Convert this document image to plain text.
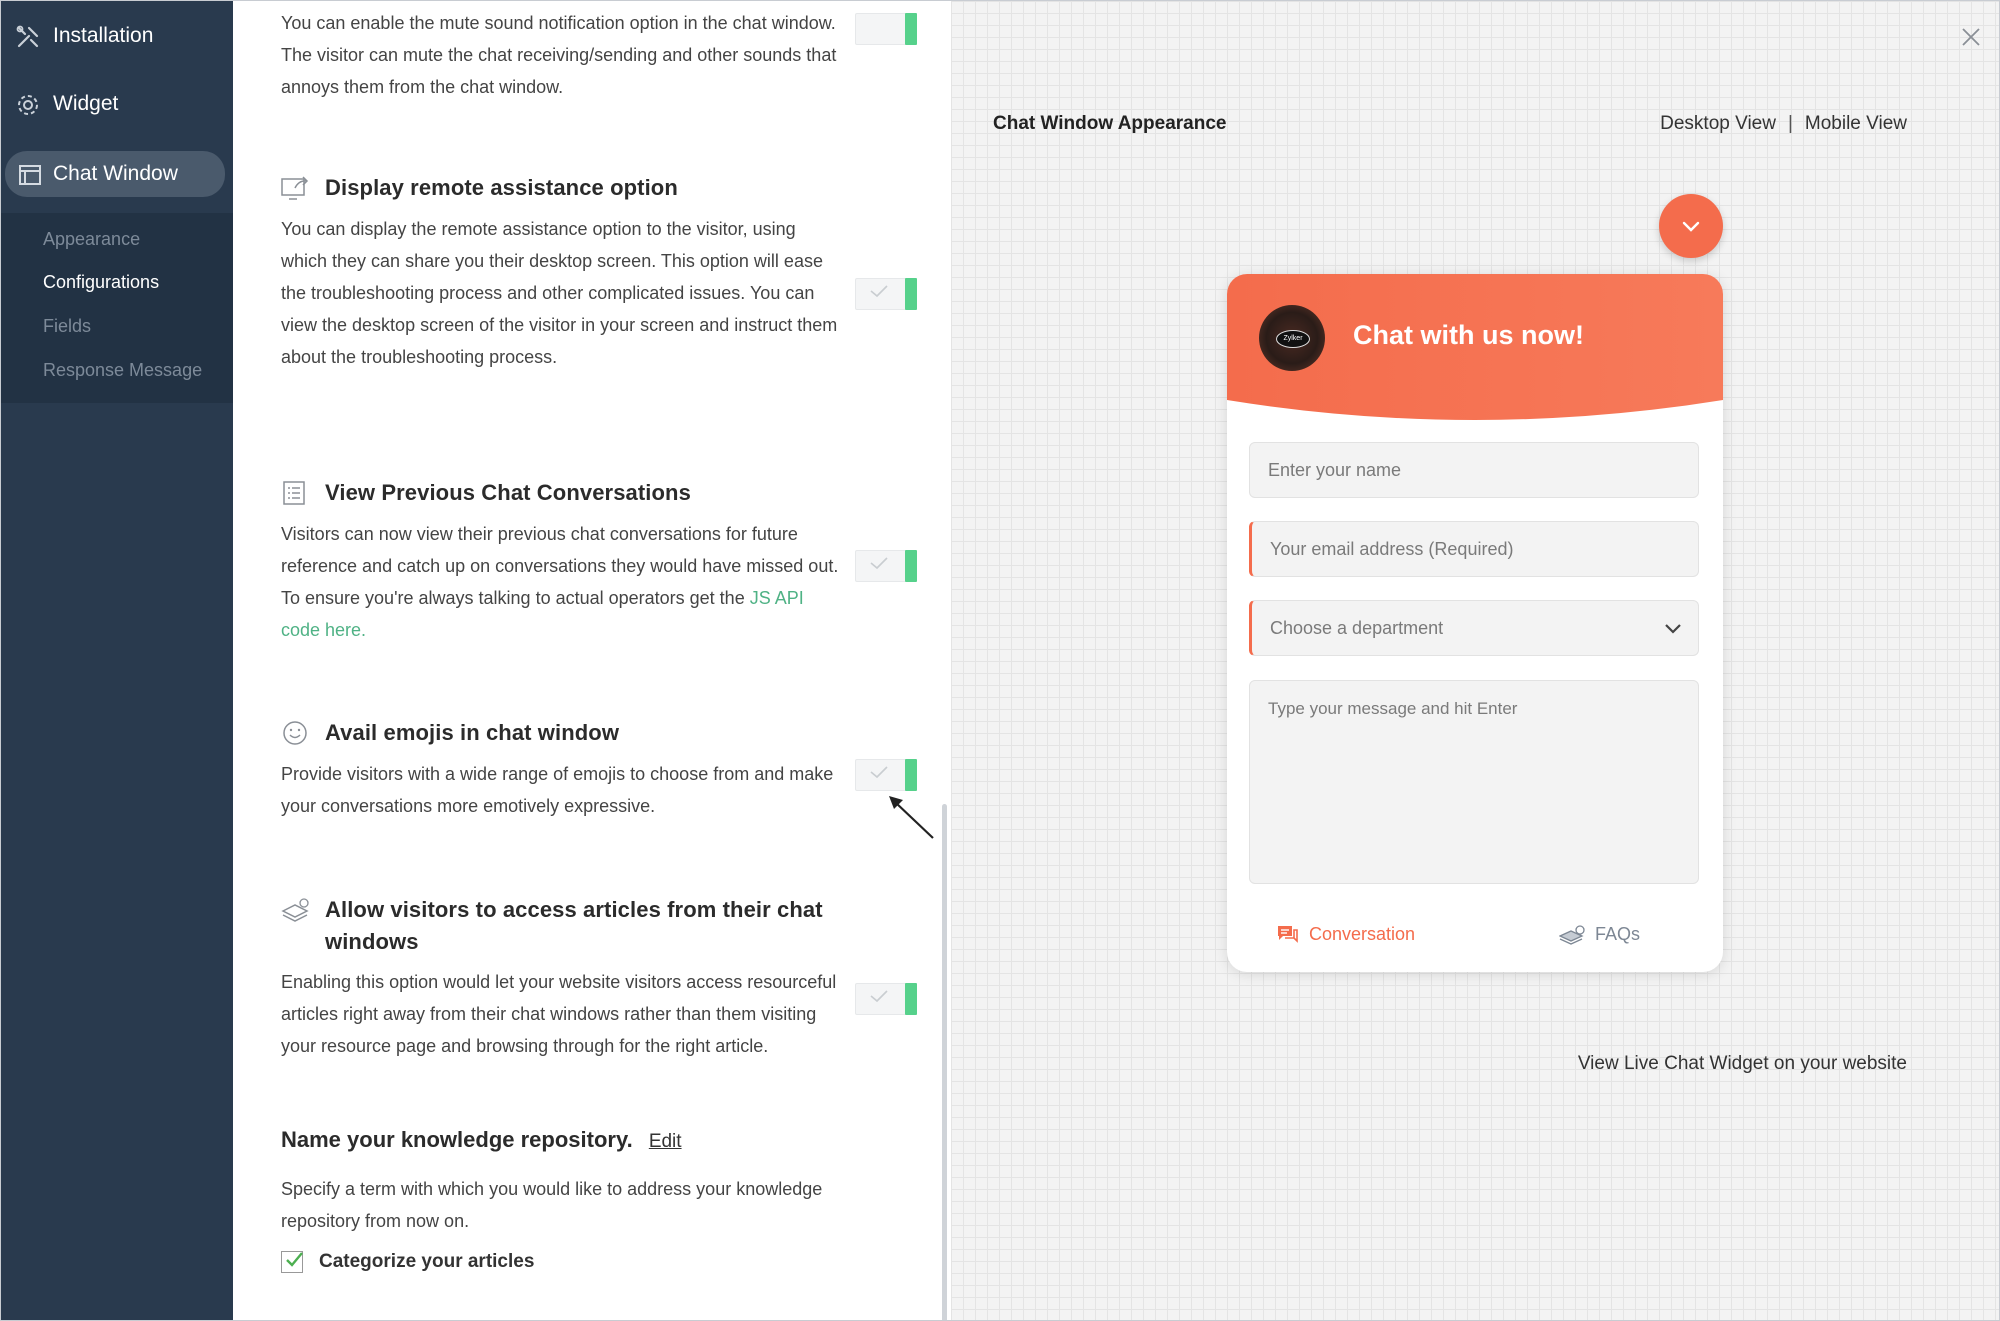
Installation
Widget
Chat Window
Appearance
Configurations
Fields
Response Message
You can enable the mute sound notification option in the chat window. The visitor can mute the chat receiving/sending and other sounds that annoys them from the chat window.
Display remote assistance option
You can display the remote assistance option to the visitor, using which they can share you their desktop screen. This option will ease the troubleshooting process and other complicated issues. You can view the desktop screen of the visitor in your screen and instruct them about the troubleshooting process.
View Previous Chat Conversations
Visitors can now view their previous chat conversations for future reference and catch up on conversations they would have missed out. To ensure you're always talking to actual operators get the JS API code here.
Avail emojis in chat window
Provide visitors with a wide range of emojis to choose from and make your conversations more emotively expressive.
Allow visitors to access articles from their chat windows
Enabling this option would let your website visitors access resourceful articles right away from their chat windows rather than them visiting your resource page and browsing through for the right article.
Name your knowledge repository. Edit
Specify a term with which you would like to address your knowledge repository from now on.
Categorize your articles
Chat Window Appearance	Desktop View | Mobile View
Zylker Chat with us now!
Enter your name
Your email address (Required)
Choose a department
Type your message and hit Enter
Conversation	FAQs
View Live Chat Widget on your website
